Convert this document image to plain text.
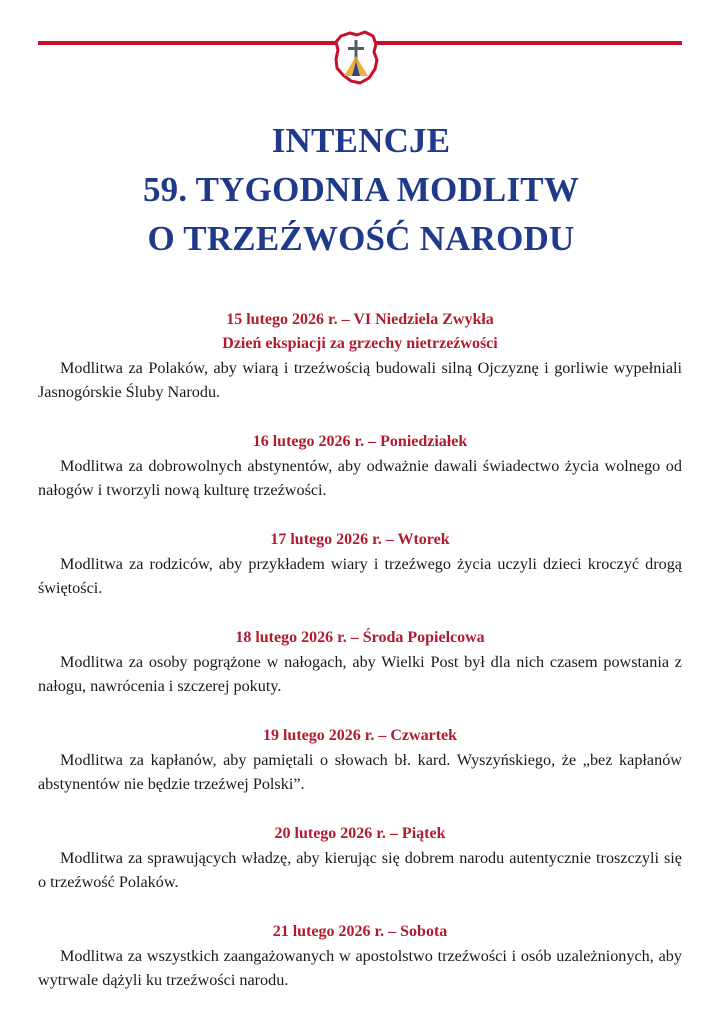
INTENCJE
59. TYGODNIA MODLITW
O TRZEŹWOŚĆ NARODU
15 lutego 2026 r. – VI Niedziela Zwykła
Dzień ekspiacji za grzechy nietrzeźwości
Modlitwa za Polaków, aby wiarą i trzeźwością budowali silną Ojczyznę i gorliwie wypełniali Jasnogórskie Śluby Narodu.
16 lutego 2026 r. – Poniedziałek
Modlitwa za dobrowolnych abstynentów, aby odważnie dawali świadectwo życia wolnego od nałogów i tworzyli nową kulturę trzeźwości.
17 lutego 2026 r. – Wtorek
Modlitwa za rodziców, aby przykładem wiary i trzeźwego życia uczyli dzieci kroczyć drogą świętości.
18 lutego 2026 r. – Środa Popielcowa
Modlitwa za osoby pogrążone w nałogach, aby Wielki Post był dla nich czasem powstania z nałogu, nawrócenia i szczerej pokuty.
19 lutego 2026 r. – Czwartek
Modlitwa za kapłanów, aby pamiętali o słowach bł. kard. Wyszyńskiego, że „bez kapłanów abstynentów nie będzie trzeźwej Polski”.
20 lutego 2026 r. – Piątek
Modlitwa za sprawujących władzę, aby kierując się dobrem narodu autentycznie troszczyli się o trzeźwość Polaków.
21 lutego 2026 r. – Sobota
Modlitwa za wszystkich zaangażowanych w apostolstwo trzeźwości i osób uzależnionych, aby wytrwale dążyli ku trzeźwości narodu.
